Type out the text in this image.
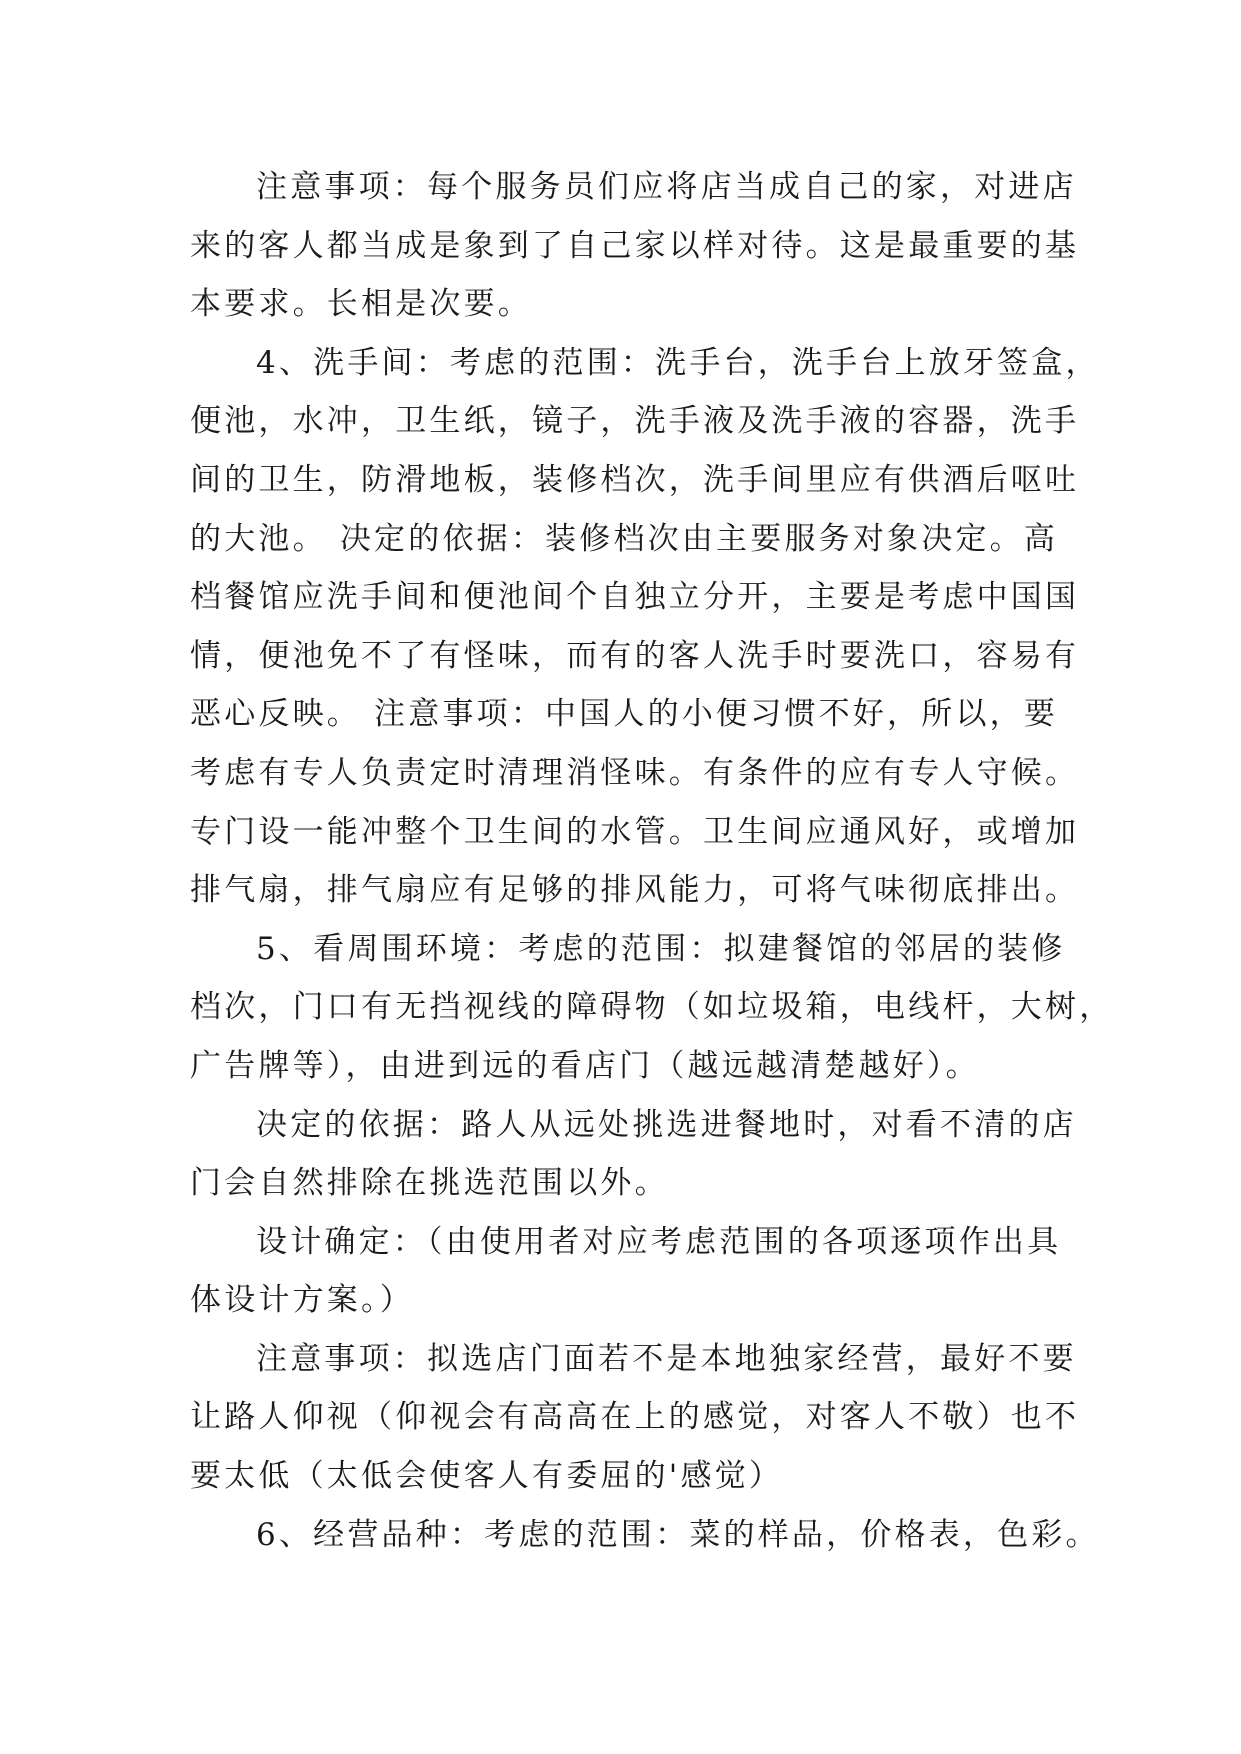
注意事项：每个服务员们应将店当成自己的家，对进店
来的客人都当成是象到了自己家以样对待。这是最重要的基
本要求。长相是次要。
4、洗手间：考虑的范围：洗手台，洗手台上放牙签盒，
便池，水冲，卫生纸，镜子，洗手液及洗手液的容器，洗手
间的卫生，防滑地板，装修档次，洗手间里应有供酒后呕吐
的大池。 决定的依据：装修档次由主要服务对象决定。高
档餐馆应洗手间和便池间个自独立分开，主要是考虑中国国
情，便池免不了有怪味，而有的客人洗手时要洗口，容易有
恶心反映。 注意事项：中国人的小便习惯不好，所以，要
考虑有专人负责定时清理消怪味。有条件的应有专人守候。
专门设一能冲整个卫生间的水管。卫生间应通风好，或增加
排气扇，排气扇应有足够的排风能力，可将气味彻底排出。
5、看周围环境：考虑的范围：拟建餐馆的邻居的装修
档次，门口有无挡视线的障碍物（如垃圾箱，电线杆，大树，
广告牌等），由进到远的看店门（越远越清楚越好）。
决定的依据：路人从远处挑选进餐地时，对看不清的店
门会自然排除在挑选范围以外。
设计确定：（由使用者对应考虑范围的各项逐项作出具
体设计方案。）
注意事项：拟选店门面若不是本地独家经营，最好不要
让路人仰视（仰视会有高高在上的感觉，对客人不敬）也不
要太低（太低会使客人有委屈的'感觉）
6、经营品种：考虑的范围：菜的样品，价格表，色彩。
